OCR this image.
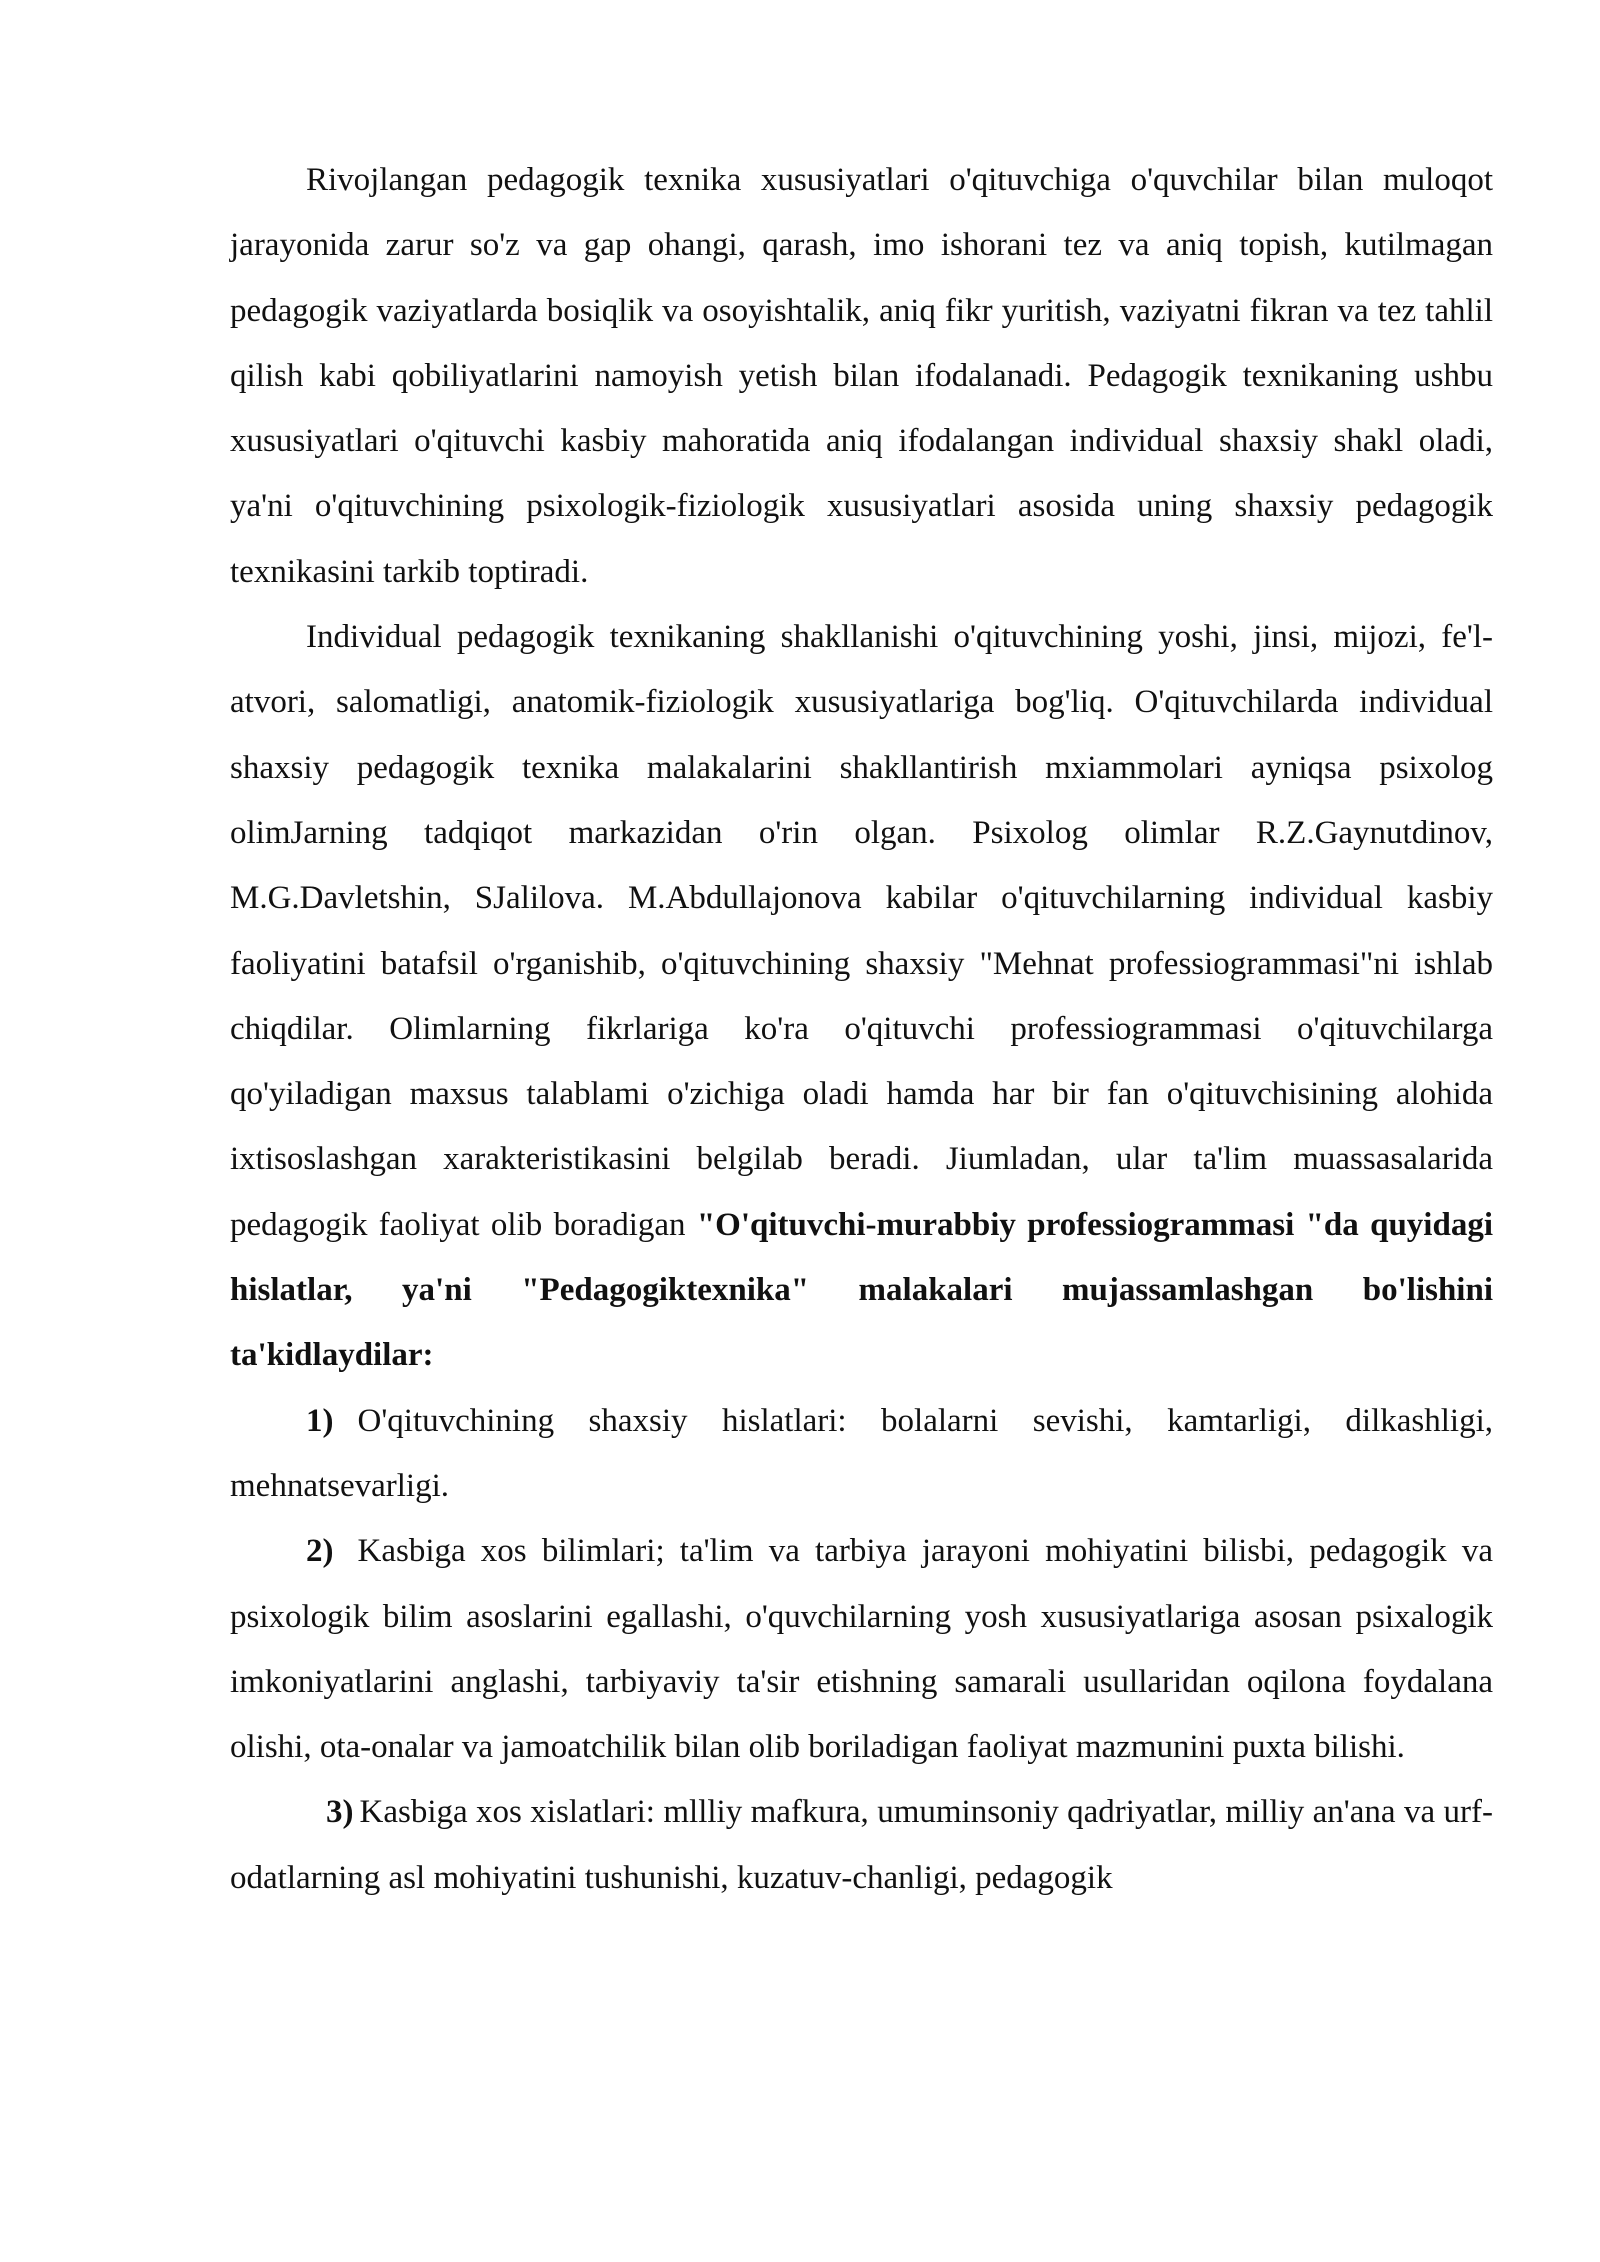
Rivojlangan pedagogik texnika xususiyatlari o'qituvchiga o'quvchilar bilan muloqot jarayonida zarur so'z va gap ohangi, qarash, imo ishorani tez va aniq topish, kutilmagan pedagogik vaziyatlarda bosiqlik va osoyishtalik, aniq fikr yuritish, vaziyatni fikran va tez tahlil qilish kabi qobiliyatlarini namoyish yetish bilan ifodalanadi. Pedagogik texnikaning ushbu xususiyatlari o'qituvchi kasbiy mahoratida aniq ifodalangan individual shaxsiy shakl oladi, ya'ni o'qituvchining psixologik-fiziologik xususiyatlari asosida uning shaxsiy pedagogik texnikasini tarkib toptiradi.

Individual pedagogik texnikaning shakllanishi o'qituvchining yoshi, jinsi, mijozi, fe'l-atvori, salomatligi, anatomik-fiziologik xususiyatlariga bog'liq. O'qituvchilarda individual shaxsiy pedagogik texnika malakalarini shakllantirish mxiammolari ayniqsa psixolog olimJarning tadqiqot markazidan o'rin olgan. Psixolog olimlar R.Z.Gaynutdinov, M.G.Davletshin, SJalilova. M.Abdullajonova kabilar o'qituvchilarning individual kasbiy faoliyatini batafsil o'rganishib, o'qituvchining shaxsiy "Mehnat professiogrammasi"ni ishlab chiqdilar. Olimlarning fikrlariga ko'ra o'qituvchi professiogrammasi o'qituvchilarga qo'yiladigan maxsus talablami o'zichiga oladi hamda har bir fan o'qituvchisining alohida ixtisoslashgan xarakteristikasini belgilab beradi. Jiumladan, ular ta'lim muassasalarida pedagogik faoliyat olib boradigan "O'qituvchi-murabbiy professiogrammasi "da quyidagi hislatlar, ya'ni "Pedagogiktexnika" malakalari mujassamlashgan bo'lishini ta'kidlaydilar:

1) O'qituvchining shaxsiy hislatlari: bolalarni sevishi, kamtarligi, dilkashligi, mehnatsevarligi.

2) Kasbiga xos bilimlari; ta'lim va tarbiya jarayoni mohiyatini bilisbi, pedagogik va psixologik bilim asoslarini egallashi, o'quvchilarning yosh xususiyatlariga asosan psixalogik imkoniyatlarini anglashi, tarbiyaviy ta'sir etishning samarali usullaridan oqilona foydalana olishi, ota-onalar va jamoatchilik bilan olib boriladigan faoliyat mazmunini puxta bilishi.

3) Kasbiga xos xislatlari: mllliy mafkura, umuminsoniy qadriyatlar, milliy an'ana va urf-odatlarning asl mohiyatini tushunishi, kuzatuv-chanligi, pedagogik
